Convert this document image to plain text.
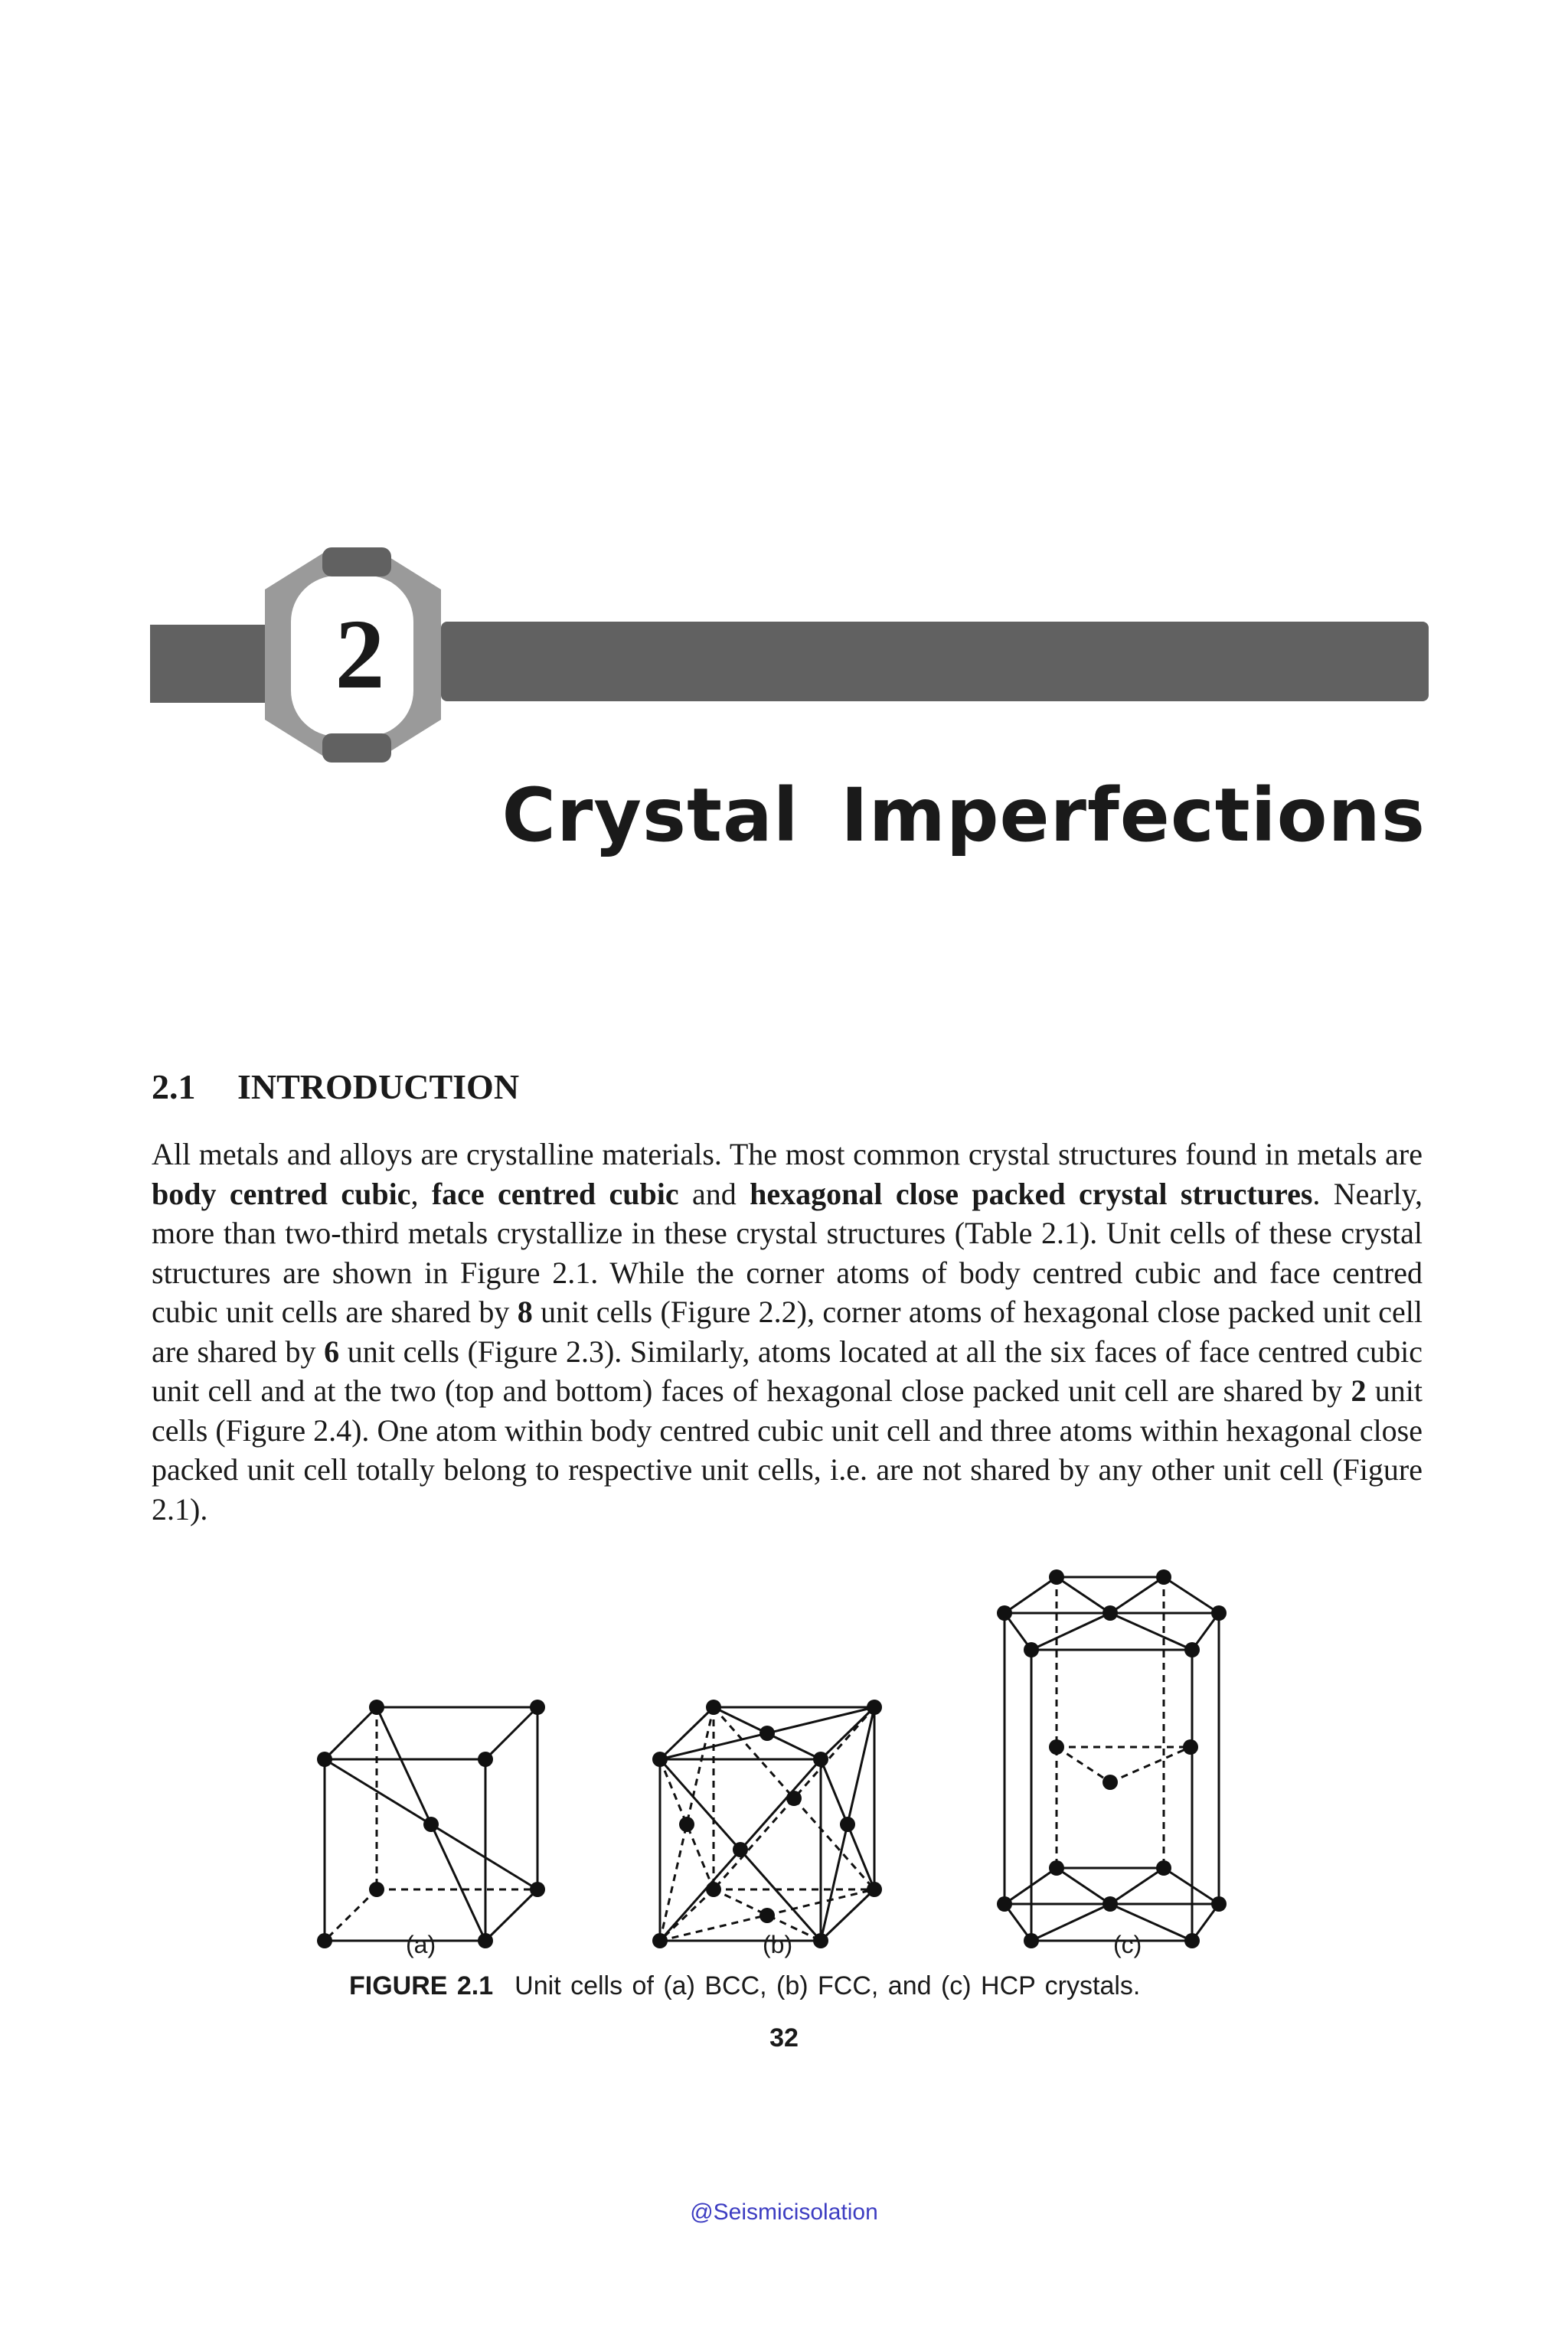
2
Crystal Imperfections
2.1 INTRODUCTION
All metals and alloys are crystalline materials. The most common crystal structures found in metals are body centred cubic, face centred cubic and hexagonal close packed crystal structures. Nearly, more than two-third metals crystallize in these crystal structures (Table 2.1). Unit cells of these crystal structures are shown in Figure 2.1. While the corner atoms of body centred cubic and face centred cubic unit cells are shared by 8 unit cells (Figure 2.2), corner atoms of hexagonal close packed unit cell are shared by 6 unit cells (Figure 2.3). Similarly, atoms located at all the six faces of face centred cubic unit cell and at the two (top and bottom) faces of hexagonal close packed unit cell are shared by 2 unit cells (Figure 2.4). One atom within body centred cubic unit cell and three atoms within hexagonal close packed unit cell totally belong to respective unit cells, i.e. are not shared by any other unit cell (Figure 2.1).
(a)	(b)	(c)
FIGURE 2.1 Unit cells of (a) BCC, (b) FCC, and (c) HCP crystals.
32
@Seismicisolation
